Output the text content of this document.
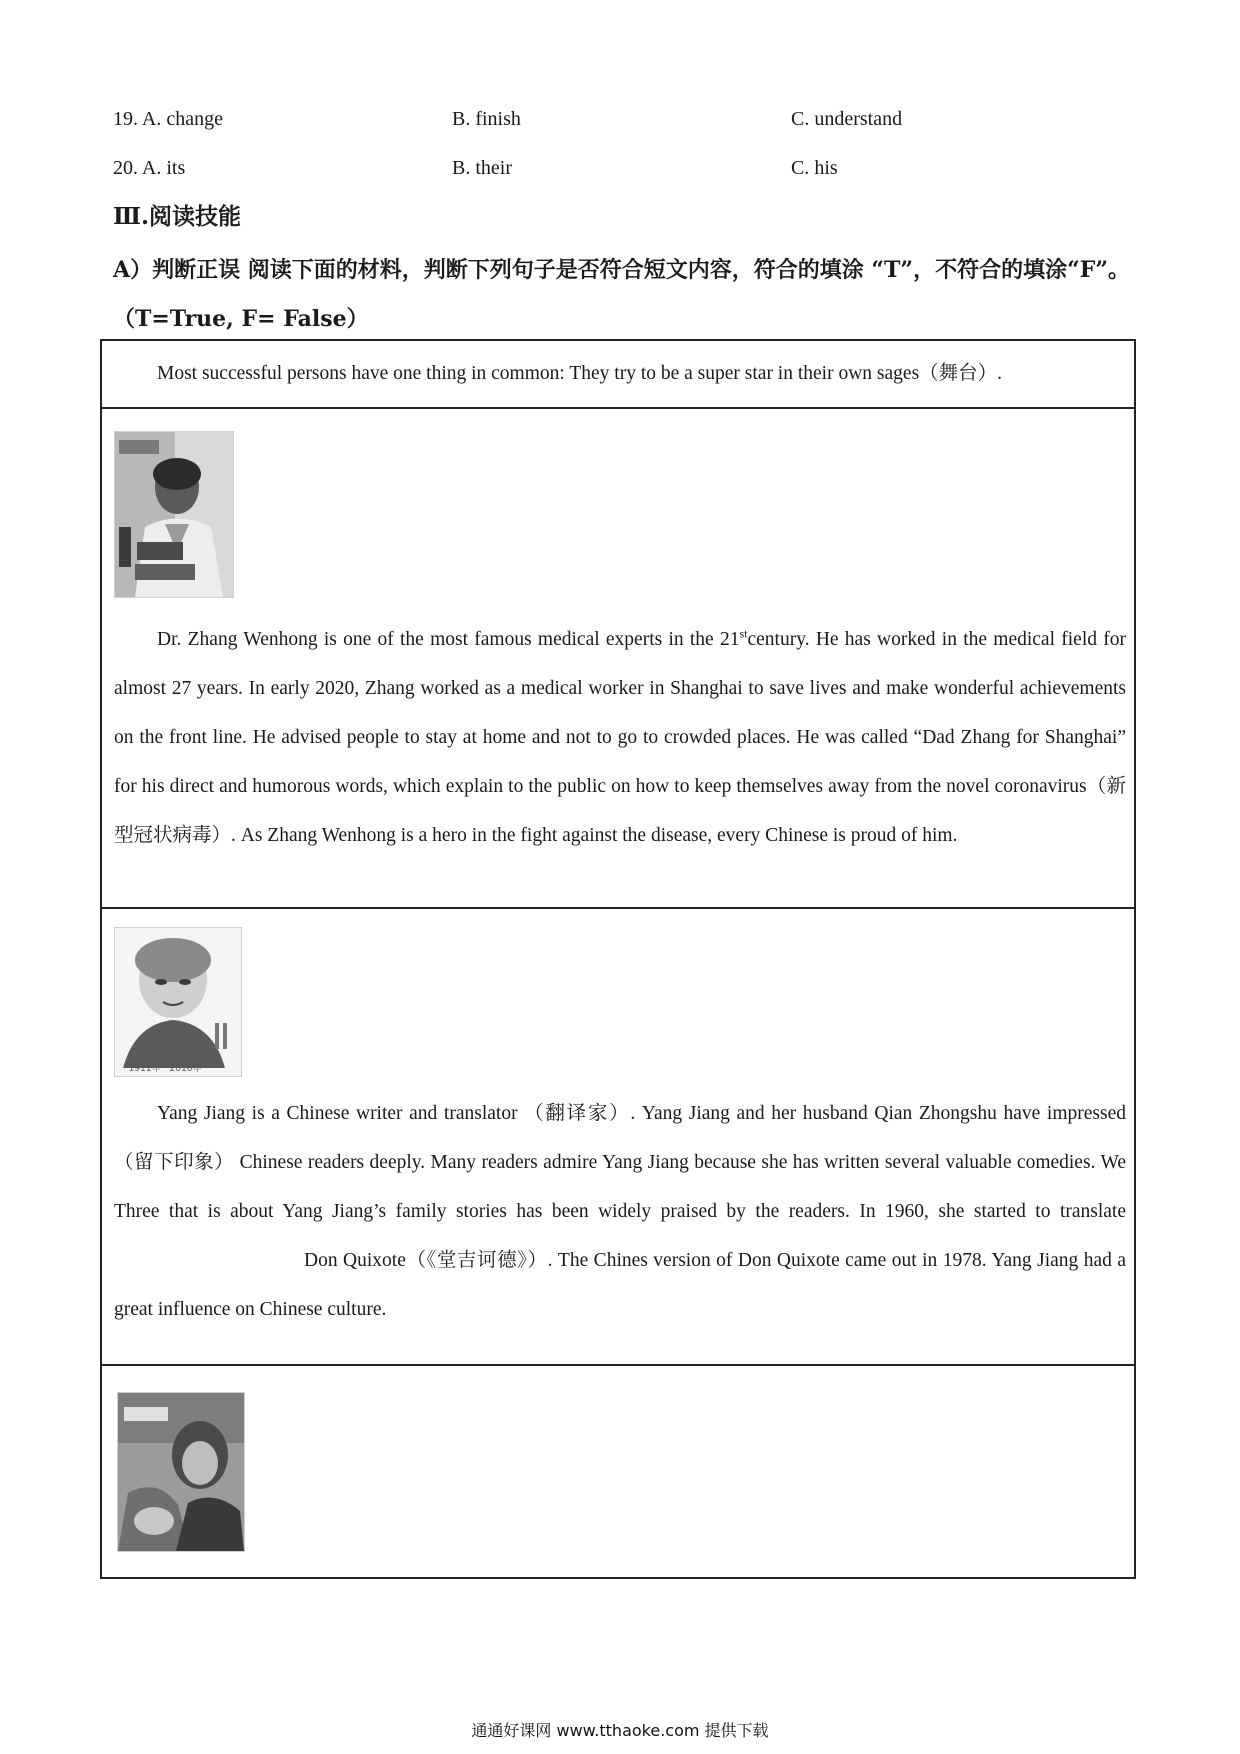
19. A. change	B. finish	C. understand
20. A. its	B. their	C. his
Ⅲ.阅读技能
A）判断正误 阅读下面的材料，判断下列句子是否符合短文内容，符合的填涂 “T”，不符合的填涂“F”。（T=True, F= False）

Most successful persons have one thing in common: They try to be a super star in their own sages（舞台）.

Dr. Zhang Wenhong is one of the most famous medical experts in the 21stcentury. He has worked in the medical field for almost 27 years. In early 2020, Zhang worked as a medical worker in Shanghai to save lives and make wonderful achievements on the front line. He advised people to stay at home and not to go to crowded places. He was called “Dad Zhang for Shanghai” for his direct and humorous words, which explain to the public on how to keep themselves away from the novel coronavirus（新型冠状病毒）. As Zhang Wenhong is a hero in the fight against the disease, every Chinese is proud of him.

1911年－2016年

Yang Jiang is a Chinese writer and translator （翻译家）. Yang Jiang and her husband Qian Zhongshu have impressed（留下印象） Chinese readers deeply. Many readers admire Yang Jiang because she has written several valuable comedies. We Three that is about Yang Jiang’s family stories has been widely praised by the readers. In 1960, she started to translateDon Quixote（《堂吉诃德》）. The Chines version of Don Quixote came out in 1978. Yang Jiang had a great influence on Chinese culture.

通通好课网 www.tthaoke.com 提供下载
